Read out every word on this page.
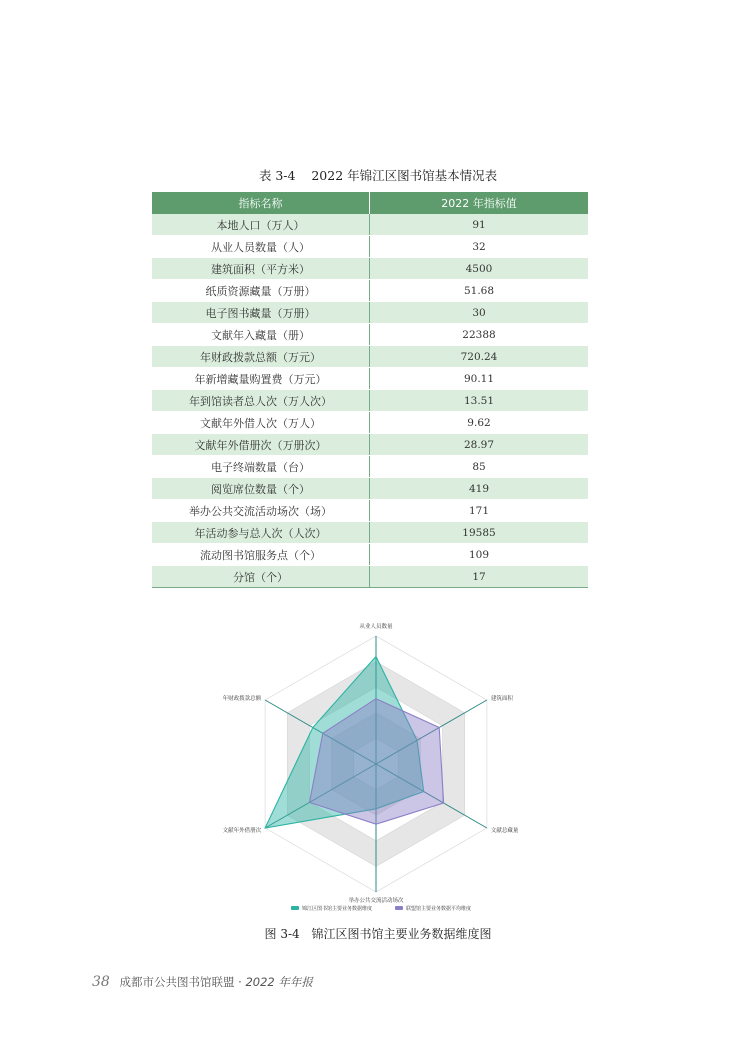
表 3-4 2022 年锦江区图书馆基本情况表
指标名称	2022 年指标值
本地人口（万人）	91
从业人员数量（人）	32
建筑面积（平方米）	4500
纸质资源藏量（万册）	51.68
电子图书藏量（万册）	30
文献年入藏量（册）	22388
年财政拨款总额（万元）	720.24
年新增藏量购置费（万元）	90.11
年到馆读者总人次（万人次）	13.51
文献年外借人次（万人）	9.62
文献年外借册次（万册次）	28.97
电子终端数量（台）	85
阅览席位数量（个）	419
举办公共交流活动场次（场）	171
年活动参与总人次（人次）	19585
流动图书馆服务点（个）	109
分馆（个）	17
从业人员数量
建筑面积
文献总藏量
举办公共交流活动场次
文献年外借册次
年财政拨款总额
锦江区图书馆主要业务数据维度	联盟馆主要业务数据平均维度
图 3-4 锦江区图书馆主要业务数据维度图
38 成都市公共图书馆联盟 · 2022 年年报
